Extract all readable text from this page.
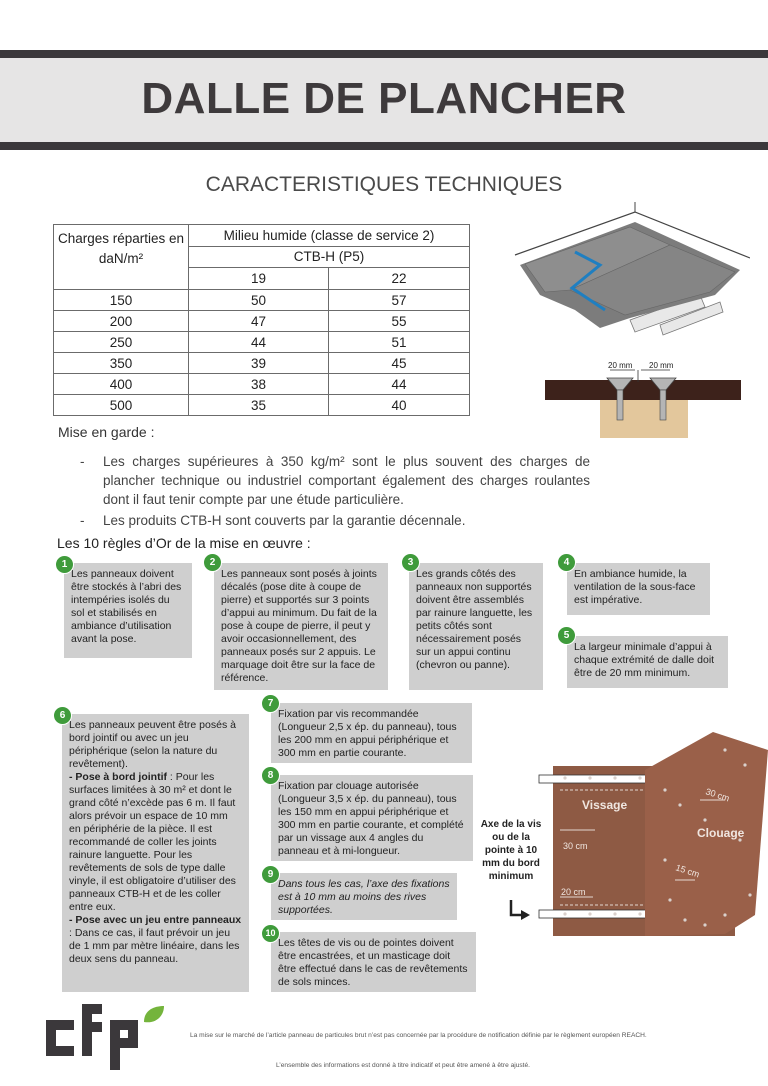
DALLE DE PLANCHER
CARACTERISTIQUES TECHNIQUES
Charges réparties en
daN/m²	Milieu humide (classe de service 2)	
	CTB-H (P5)	
	19	22
150	50	57
200	47	55
250	44	51
350	39	45
400	38	44
500	35	40
20 mm 20 mm
Mise en garde :
- Les charges supérieures à 350 kg/m² sont le plus souvent des charges de plancher technique ou industriel comportant également des charges roulantes dont il faut tenir compte par une étude particulière.
- Les produits CTB-H sont couverts par la garantie décennale.
Les 10 règles d’Or de la mise en œuvre :
Les panneaux doivent être stockés à l’abri des intempéries isolés du sol et stabilisés en ambiance d’utilisation avant la pose.
1
Les panneaux sont posés à joints décalés (pose dite à coupe de pierre) et supportés sur 3 points d’appui au minimum. Du fait de la pose à coupe de pierre, il peut y avoir occasionnellement, des panneaux posés sur 2 appuis. Le marquage doit être sur la face de référence.
2
Les grands côtés des panneaux non supportés doivent être assemblés par rainure languette, les petits côtés sont nécessairement posés sur un appui continu (chevron ou panne).
3
En ambiance humide, la ventilation de la sous-face est impérative.
4
La largeur minimale d’appui à chaque extrémité de dalle doit être de 20 mm minimum.
5
Les panneaux peuvent être posés à bord jointif ou avec un jeu périphérique (selon la nature du revêtement).
- Pose à bord jointif : Pour les surfaces limitées à 30 m² et dont le grand côté n’excède pas 6 m. Il faut alors prévoir un espace de 10 mm en périphérie de la pièce. Il est recommandé de coller les joints rainure languette. Pour les revêtements de sols de type dalle vinyle, il est obligatoire d’utiliser des panneaux CTB-H et de les coller entre eux.
- Pose avec un jeu entre panneaux : Dans ce cas, il faut prévoir un jeu de 1 mm par mètre linéaire, dans les deux sens du panneau.
6	Fixation par vis recommandée (Longueur 2,5 x ép. du panneau), tous les 200 mm en appui périphérique et 300 mm en partie courante.
7
Fixation par clouage autorisée (Longueur 3,5 x ép. du panneau), tous les 150 mm en appui périphérique et 300 mm en partie courante, et complété par un vissage aux 4 angles du panneau et à mi-longueur.
8
Dans tous les cas, l’axe des fixations est à 10 mm au moins des rives supportées.
9
Les têtes de vis ou de pointes doivent être encastrées, et un masticage doit être effectué dans le cas de revêtements de sols minces.
10
Axe de la vis ou de la pointe à 10 mm du bord minimum
Vissage
Clouage
30 cm
20 cm
30 cm
15 cm
La mise sur le marché de l’article panneau de particules brut n’est pas concernée par la procédure de notification définie par le règlement européen REACH.
L’ensemble des informations est donné à titre indicatif et peut être amené à être ajusté.
